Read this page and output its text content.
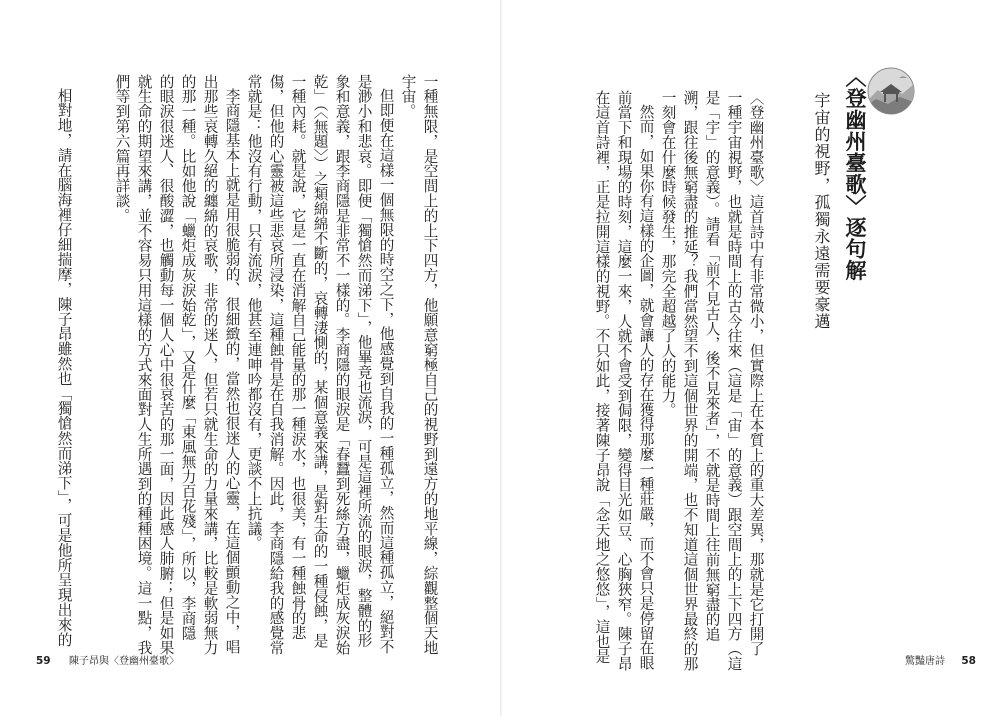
〈登幽州臺歌〉逐句解
宇宙的視野，孤獨永遠需要豪邁
〈登幽州臺歌〉這首詩中有非常微小，但實際上在本質上的重大差異，那就是它打開了
一種宇宙視野，也就是時間上的古今往來（這是「宙」的意義）跟空間上的上下四方（這
是「宇」的意義）。請看「前不見古人，後不見來者」，不就是時間上往前無窮盡的追
溯，跟往後無窮盡的推延？我們當然望不到這個世界的開端，也不知道這個世界最終的那
一刻會在什麼時候發生，那完全超越了人的能力。
然而，如果你有這樣的企圖，就會讓人的存在獲得那麼一種莊嚴，而不會只是停留在眼
前當下和現場的時刻，這麼一來，人就不會受到侷限，變得目光如豆、心胸狹窄。陳子昂
在這首詩裡，正是拉開這樣的視野。不只如此，接著陳子昂說「念天地之悠悠」，這也是
一種無限，是空間上的上下四方，他願意窮極自己的視野到遠方的地平線，綜觀整個天地
宇宙。
但即便在這樣一個無限的時空之下，他感覺到自我的一種孤立，然而這種孤立，絕對不
是渺小和悲哀。即便「獨愴然而涕下」，他畢竟也流淚，可是這裡所流的眼淚，整體的形
象和意義，跟李商隱是非常不一樣的。李商隱的眼淚是「春蠶到死絲方盡，蠟炬成灰淚始
乾」（〈無題〉）之類綿綿不斷的，哀轉淒惻的，某個意義來講，是對生命的一種侵蝕，是
一種內耗。就是說，它是一直在消解自己能量的那一種淚水，也很美，有一種蝕骨的悲
傷，但他的心靈被這些悲哀所浸染，這種蝕骨是在自我消解。因此，李商隱給我的感覺常
常就是：他沒有行動，只有流淚，他甚至連呻吟都沒有，更談不上抗議。
李商隱基本上就是用很脆弱的、很細緻的，當然也很迷人的心靈，在這個顫動之中，唱
出那些哀轉久絕的纏綿的哀歌，非常的迷人，但若只就生命的力量來講，比較是軟弱無力
的那一種。比如他說「蠟炬成灰淚始乾」，又是什麼「東風無力百花殘」，所以，李商隱
的眼淚很迷人、很酸澀，也觸動每一個人心中很哀苦的那一面，因此感人肺腑；但是如果
就生命的期望來講，並不容易只用這樣的方式來面對人生所遇到的種種困境。這一點，我
們等到第六篇再詳談。
相對地，請在腦海裡仔細揣摩，陳子昂雖然也「獨愴然而涕下」，可是他所呈現出來的
59 陳子昂與〈登幽州臺歌〉	驚豔唐詩 58
